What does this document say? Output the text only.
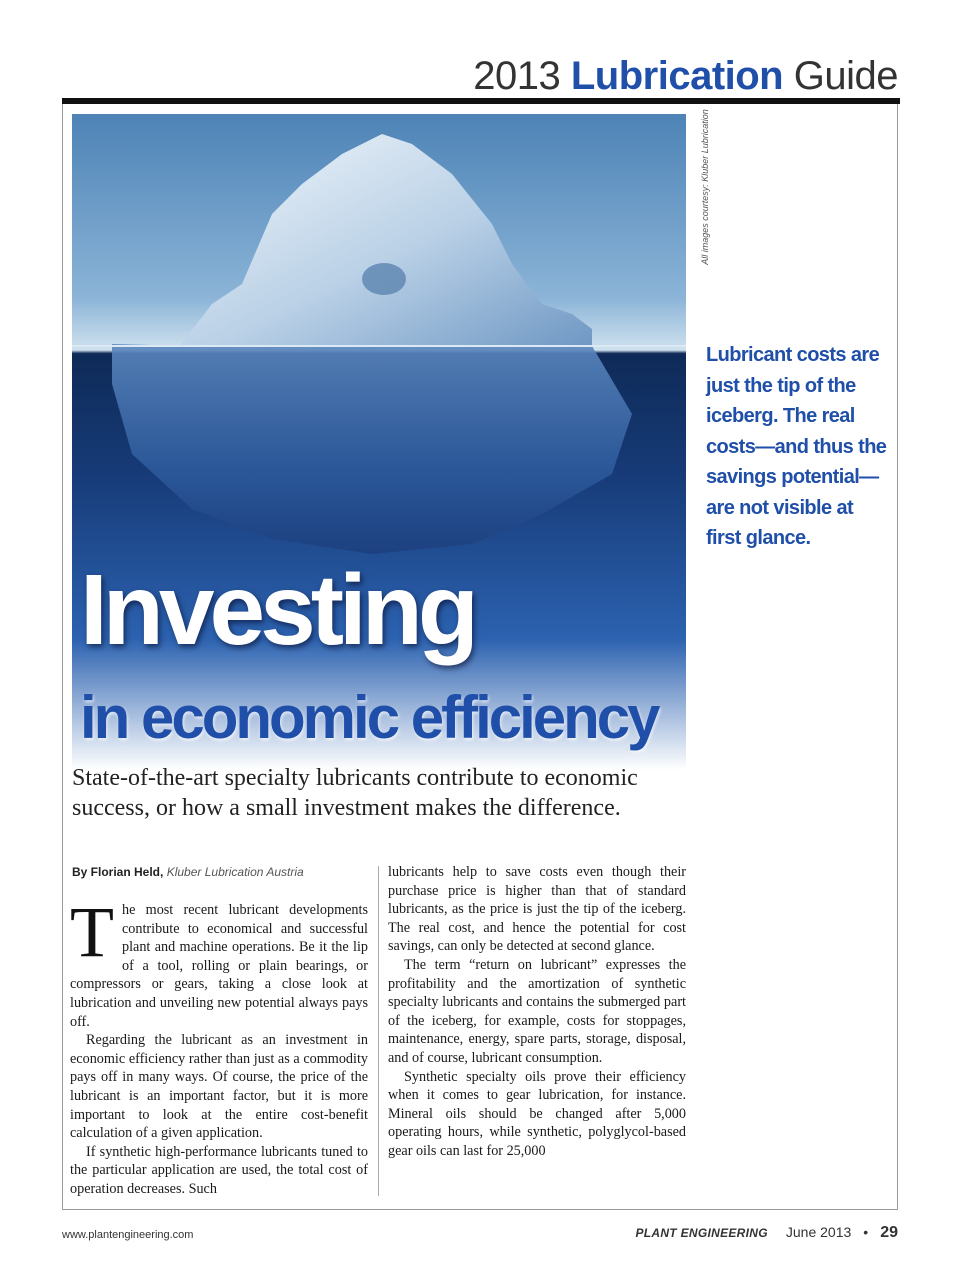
2013 Lubrication Guide
All images courtesy: Kluber Lubrication
Lubricant costs are just the tip of the iceberg. The real costs—and thus the savings potential—are not visible at first glance.
Investing
in economic efficiency
State-of-the-art specialty lubricants contribute to economic success, or how a small investment makes the difference.
By Florian Held, Kluber Lubrication Austria

The most recent lubricant developments contribute to economical and successful plant and machine operations. Be it the lip of a tool, rolling or plain bearings, or compressors or gears, taking a close look at lubrication and unveiling new potential always pays off.

Regarding the lubricant as an investment in economic efficiency rather than just as a commodity pays off in many ways. Of course, the price of the lubricant is an important factor, but it is more important to look at the entire cost-benefit calculation of a given application.

If synthetic high-performance lubricants tuned to the particular application are used, the total cost of operation decreases. Such

lubricants help to save costs even though their purchase price is higher than that of standard lubricants, as the price is just the tip of the iceberg. The real cost, and hence the potential for cost savings, can only be detected at second glance.

The term “return on lubricant” expresses the profitability and the amortization of synthetic specialty lubricants and contains the submerged part of the iceberg, for example, costs for stoppages, maintenance, energy, spare parts, storage, disposal, and of course, lubricant consumption.

Synthetic specialty oils prove their efficiency when it comes to gear lubrication, for instance. Mineral oils should be changed after 5,000 operating hours, while synthetic, polyglycol-based gear oils can last for 25,000

www.plantengineering.com	PLANT ENGINEERING June 2013 • 29
